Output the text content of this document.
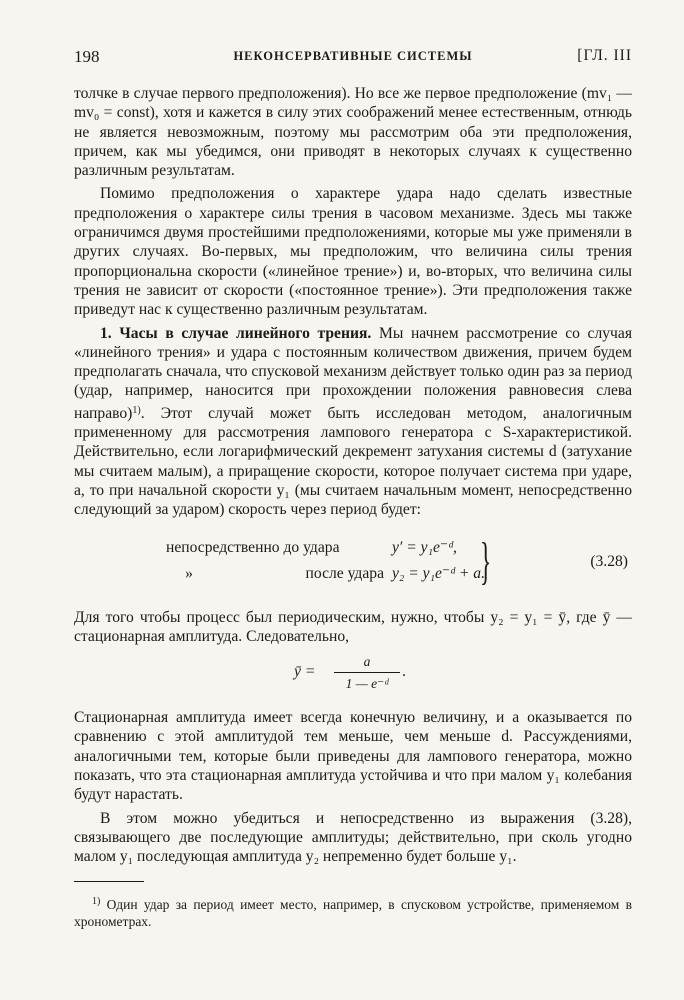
198	НЕКОНСЕРВАТИВНЫЕ СИСТЕМЫ	[ГЛ. III

толчке в случае первого предположения). Но все же первое предположение (mv₁ — mv₀ = const), хотя и кажется в силу этих соображений менее естественным, отнюдь не является невозможным, поэтому мы рассмотрим оба эти предположения, причем, как мы убедимся, они приводят в некоторых случаях к существенно различным результатам.

Помимо предположения о характере удара надо сделать известные предположения о характере силы трения в часовом механизме. Здесь мы также ограничимся двумя простейшими предположениями, которые мы уже применяли в других случаях. Во-первых, мы предположим, что величина силы трения пропорциональна скорости («линейное трение») и, во-вторых, что величина силы трения не зависит от скорости («постоянное трение»). Эти предположения также приведут нас к существенно различным результатам.

1. Часы в случае линейного трения. Мы начнем рассмотрение со случая «линейного трения» и удара с постоянным количеством движения, причем будем предполагать сначала, что спусковой механизм действует только один раз за период (удар, например, наносится при прохождении положения равновесия слева направо)$^{1)}$. Этот случай может быть исследован методом, аналогичным примененному для рассмотрения лампового генератора с S-характеристикой. Действительно, если логарифмический декремент затухания системы d (затухание мы считаем малым), а приращение скорости, которое получает система при ударе, a, то при начальной скорости y₁ (мы считаем начальным момент, непосредственно следующий за ударом) скорость через период будет:

непосредственно до удара	y′ = y₁e⁻ᵈ,
»	после удара y₂ = y₁e⁻ᵈ + a.
}	(3.28)

Для того чтобы процесс был периодическим, нужно, чтобы y₂ = y₁ = ȳ, где ȳ — стационарная амплитуда. Следовательно,

ȳ =
a
1 — e⁻ᵈ
.

Стационарная амплитуда имеет всегда конечную величину, и a оказывается по сравнению с этой амплитудой тем меньше, чем меньше d. Рассуждениями, аналогичными тем, которые были приведены для лампового генератора, можно показать, что эта стационарная амплитуда устойчива и что при малом y₁ колебания будут нарастать.

В этом можно убедиться и непосредственно из выражения (3.28), связывающего две последующие амплитуды; действительно, при сколь угодно малом y₁ последующая амплитуда y₂ непременно будет больше y₁.

$^{1)}$ Один удар за период имеет место, например, в спусковом устройстве, применяемом в хронометрах.
